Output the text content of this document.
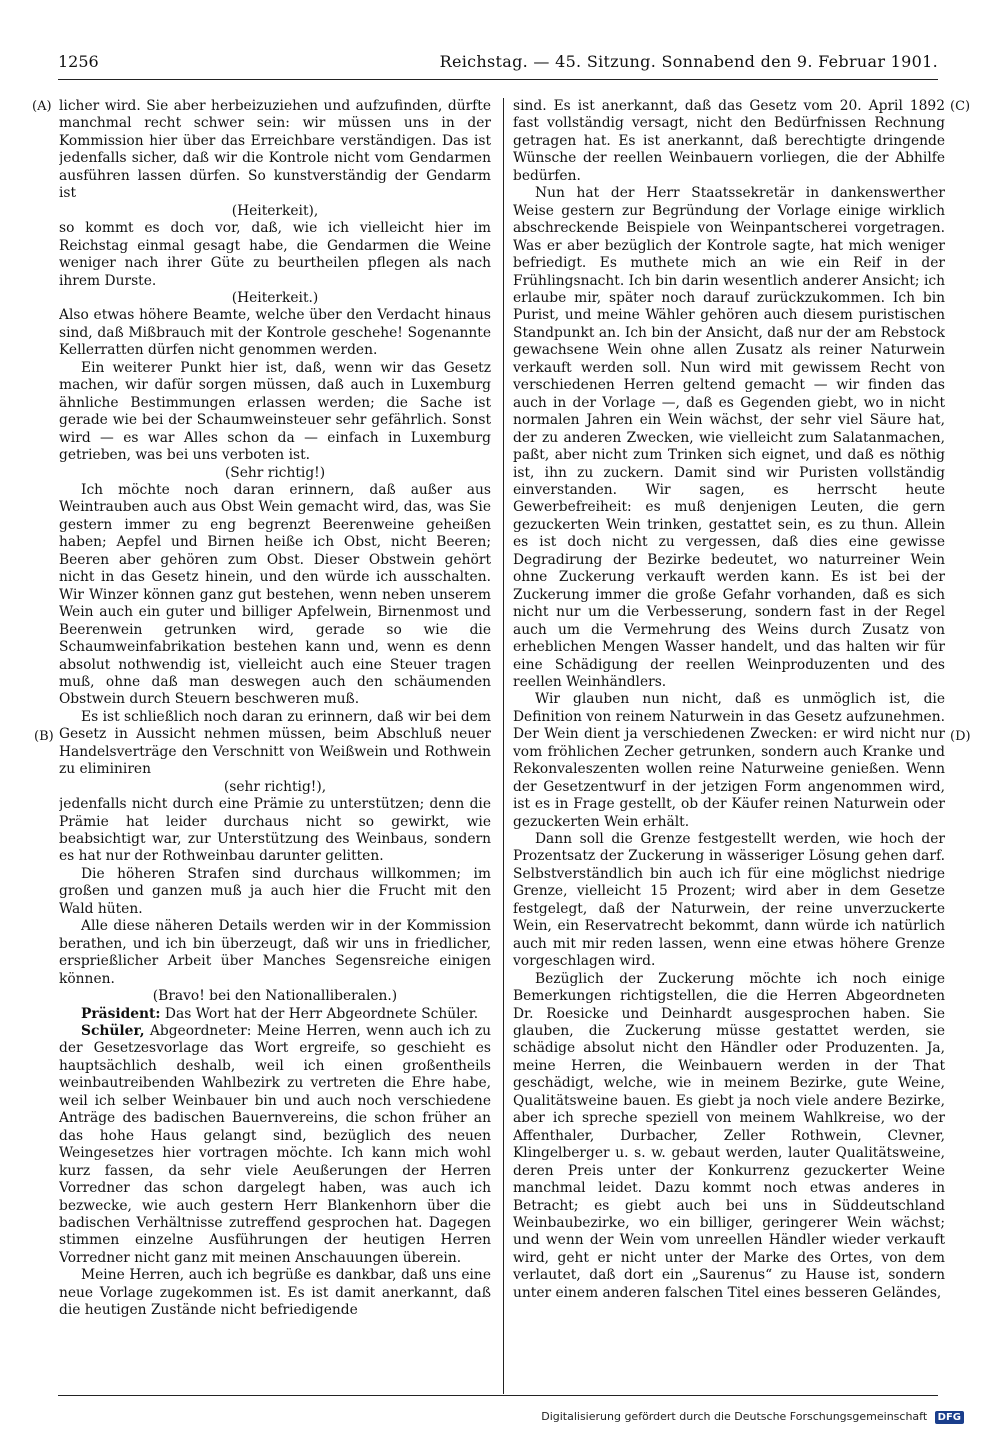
1256	Reichstag. — 45. Sitzung. Sonnabend den 9. Februar 1901.
(A)
(B)
(C)
(D)

licher wird. Sie aber herbeizuziehen und aufzufinden, dürfte manchmal recht schwer sein: wir müssen uns in der Kommission hier über das Erreichbare verständigen. Das ist jedenfalls sicher, daß wir die Kontrole nicht vom Gendarmen ausführen lassen dürfen. So kunstverständig der Gendarm ist

(Heiterkeit),

so kommt es doch vor, daß, wie ich vielleicht hier im Reichstag einmal gesagt habe, die Gendarmen die Weine weniger nach ihrer Güte zu beurtheilen pflegen als nach ihrem Durste.

(Heiterkeit.)

Also etwas höhere Beamte, welche über den Verdacht hinaus sind, daß Mißbrauch mit der Kontrole geschehe! Sogenannte Kellerratten dürfen nicht genommen werden.

Ein weiterer Punkt hier ist, daß, wenn wir das Gesetz machen, wir dafür sorgen müssen, daß auch in Luxemburg ähnliche Bestimmungen erlassen werden; die Sache ist gerade wie bei der Schaumweinsteuer sehr gefährlich. Sonst wird — es war Alles schon da — einfach in Luxemburg getrieben, was bei uns verboten ist.

(Sehr richtig!)

Ich möchte noch daran erinnern, daß außer aus Weintrauben auch aus Obst Wein gemacht wird, das, was Sie gestern immer zu eng begrenzt Beerenweine geheißen haben; Aepfel und Birnen heiße ich Obst, nicht Beeren; Beeren aber gehören zum Obst. Dieser Obstwein gehört nicht in das Gesetz hinein, und den würde ich ausschalten. Wir Winzer können ganz gut bestehen, wenn neben unserem Wein auch ein guter und billiger Apfelwein, Birnenmost und Beerenwein getrunken wird, gerade so wie die Schaumweinfabrikation bestehen kann und, wenn es denn absolut nothwendig ist, vielleicht auch eine Steuer tragen muß, ohne daß man deswegen auch den schäumenden Obstwein durch Steuern beschweren muß.

Es ist schließlich noch daran zu erinnern, daß wir bei dem Gesetz in Aussicht nehmen müssen, beim Abschluß neuer Handelsverträge den Verschnitt von Weißwein und Rothwein zu eliminiren

(sehr richtig!),

jedenfalls nicht durch eine Prämie zu unterstützen; denn die Prämie hat leider durchaus nicht so gewirkt, wie beabsichtigt war, zur Unterstützung des Weinbaus, sondern es hat nur der Rothweinbau darunter gelitten.

Die höheren Strafen sind durchaus willkommen; im großen und ganzen muß ja auch hier die Frucht mit den Wald hüten.

Alle diese näheren Details werden wir in der Kommission berathen, und ich bin überzeugt, daß wir uns in friedlicher, ersprießlicher Arbeit über Manches Segensreiche einigen können.

(Bravo! bei den Nationalliberalen.)

Präsident: Das Wort hat der Herr Abgeordnete Schüler.

Schüler, Abgeordneter: Meine Herren, wenn auch ich zu der Gesetzesvorlage das Wort ergreife, so geschieht es hauptsächlich deshalb, weil ich einen großentheils weinbautreibenden Wahlbezirk zu vertreten die Ehre habe, weil ich selber Weinbauer bin und auch noch verschiedene Anträge des badischen Bauernvereins, die schon früher an das hohe Haus gelangt sind, bezüglich des neuen Weingesetzes hier vortragen möchte. Ich kann mich wohl kurz fassen, da sehr viele Aeußerungen der Herren Vorredner das schon dargelegt haben, was auch ich bezwecke, wie auch gestern Herr Blankenhorn über die badischen Verhältnisse zutreffend gesprochen hat. Dagegen stimmen einzelne Ausführungen der heutigen Herren Vorredner nicht ganz mit meinen Anschauungen überein.

Meine Herren, auch ich begrüße es dankbar, daß uns eine neue Vorlage zugekommen ist. Es ist damit anerkannt, daß die heutigen Zustände nicht befriedigende

sind. Es ist anerkannt, daß das Gesetz vom 20. April 1892 fast vollständig versagt, nicht den Bedürfnissen Rechnung getragen hat. Es ist anerkannt, daß berechtigte dringende Wünsche der reellen Weinbauern vorliegen, die der Abhilfe bedürfen.

Nun hat der Herr Staatssekretär in dankenswerther Weise gestern zur Begründung der Vorlage einige wirklich abschreckende Beispiele von Weinpantscherei vorgetragen. Was er aber bezüglich der Kontrole sagte, hat mich weniger befriedigt. Es muthete mich an wie ein Reif in der Frühlingsnacht. Ich bin darin wesentlich anderer Ansicht; ich erlaube mir, später noch darauf zurückzukommen. Ich bin Purist, und meine Wähler gehören auch diesem puristischen Standpunkt an. Ich bin der Ansicht, daß nur der am Rebstock gewachsene Wein ohne allen Zusatz als reiner Naturwein verkauft werden soll. Nun wird mit gewissem Recht von verschiedenen Herren geltend gemacht — wir finden das auch in der Vorlage —, daß es Gegenden giebt, wo in nicht normalen Jahren ein Wein wächst, der sehr viel Säure hat, der zu anderen Zwecken, wie vielleicht zum Salatanmachen, paßt, aber nicht zum Trinken sich eignet, und daß es nöthig ist, ihn zu zuckern. Damit sind wir Puristen vollständig einverstanden. Wir sagen, es herrscht heute Gewerbefreiheit: es muß denjenigen Leuten, die gern gezuckerten Wein trinken, gestattet sein, es zu thun. Allein es ist doch nicht zu vergessen, daß dies eine gewisse Degradirung der Bezirke bedeutet, wo naturreiner Wein ohne Zuckerung verkauft werden kann. Es ist bei der Zuckerung immer die große Gefahr vorhanden, daß es sich nicht nur um die Verbesserung, sondern fast in der Regel auch um die Vermehrung des Weins durch Zusatz von erheblichen Mengen Wasser handelt, und das halten wir für eine Schädigung der reellen Weinproduzenten und des reellen Weinhändlers.

Wir glauben nun nicht, daß es unmöglich ist, die Definition von reinem Naturwein in das Gesetz aufzunehmen. Der Wein dient ja verschiedenen Zwecken: er wird nicht nur vom fröhlichen Zecher getrunken, sondern auch Kranke und Rekonvaleszenten wollen reine Naturweine genießen. Wenn der Gesetzentwurf in der jetzigen Form angenommen wird, ist es in Frage gestellt, ob der Käufer reinen Naturwein oder gezuckerten Wein erhält.

Dann soll die Grenze festgestellt werden, wie hoch der Prozentsatz der Zuckerung in wässeriger Lösung gehen darf. Selbstverständlich bin auch ich für eine möglichst niedrige Grenze, vielleicht 15 Prozent; wird aber in dem Gesetze festgelegt, daß der Naturwein, der reine unverzuckerte Wein, ein Reservatrecht bekommt, dann würde ich natürlich auch mit mir reden lassen, wenn eine etwas höhere Grenze vorgeschlagen wird.

Bezüglich der Zuckerung möchte ich noch einige Bemerkungen richtigstellen, die die Herren Abgeordneten Dr. Roesicke und Deinhardt ausgesprochen haben. Sie glauben, die Zuckerung müsse gestattet werden, sie schädige absolut nicht den Händler oder Produzenten. Ja, meine Herren, die Weinbauern werden in der That geschädigt, welche, wie in meinem Bezirke, gute Weine, Qualitätsweine bauen. Es giebt ja noch viele andere Bezirke, aber ich spreche speziell von meinem Wahlkreise, wo der Affenthaler, Durbacher, Zeller Rothwein, Clevner, Klingelberger u. s. w. gebaut werden, lauter Qualitätsweine, deren Preis unter der Konkurrenz gezuckerter Weine manchmal leidet. Dazu kommt noch etwas anderes in Betracht; es giebt auch bei uns in Süddeutschland Weinbaubezirke, wo ein billiger, geringerer Wein wächst; und wenn der Wein vom unreellen Händler wieder verkauft wird, geht er nicht unter der Marke des Ortes, von dem verlautet, daß dort ein „Saurenus“ zu Hause ist, sondern unter einem anderen falschen Titel eines besseren Geländes,

Digitalisierung gefördert durch die Deutsche Forschungsgemeinschaft DFG
